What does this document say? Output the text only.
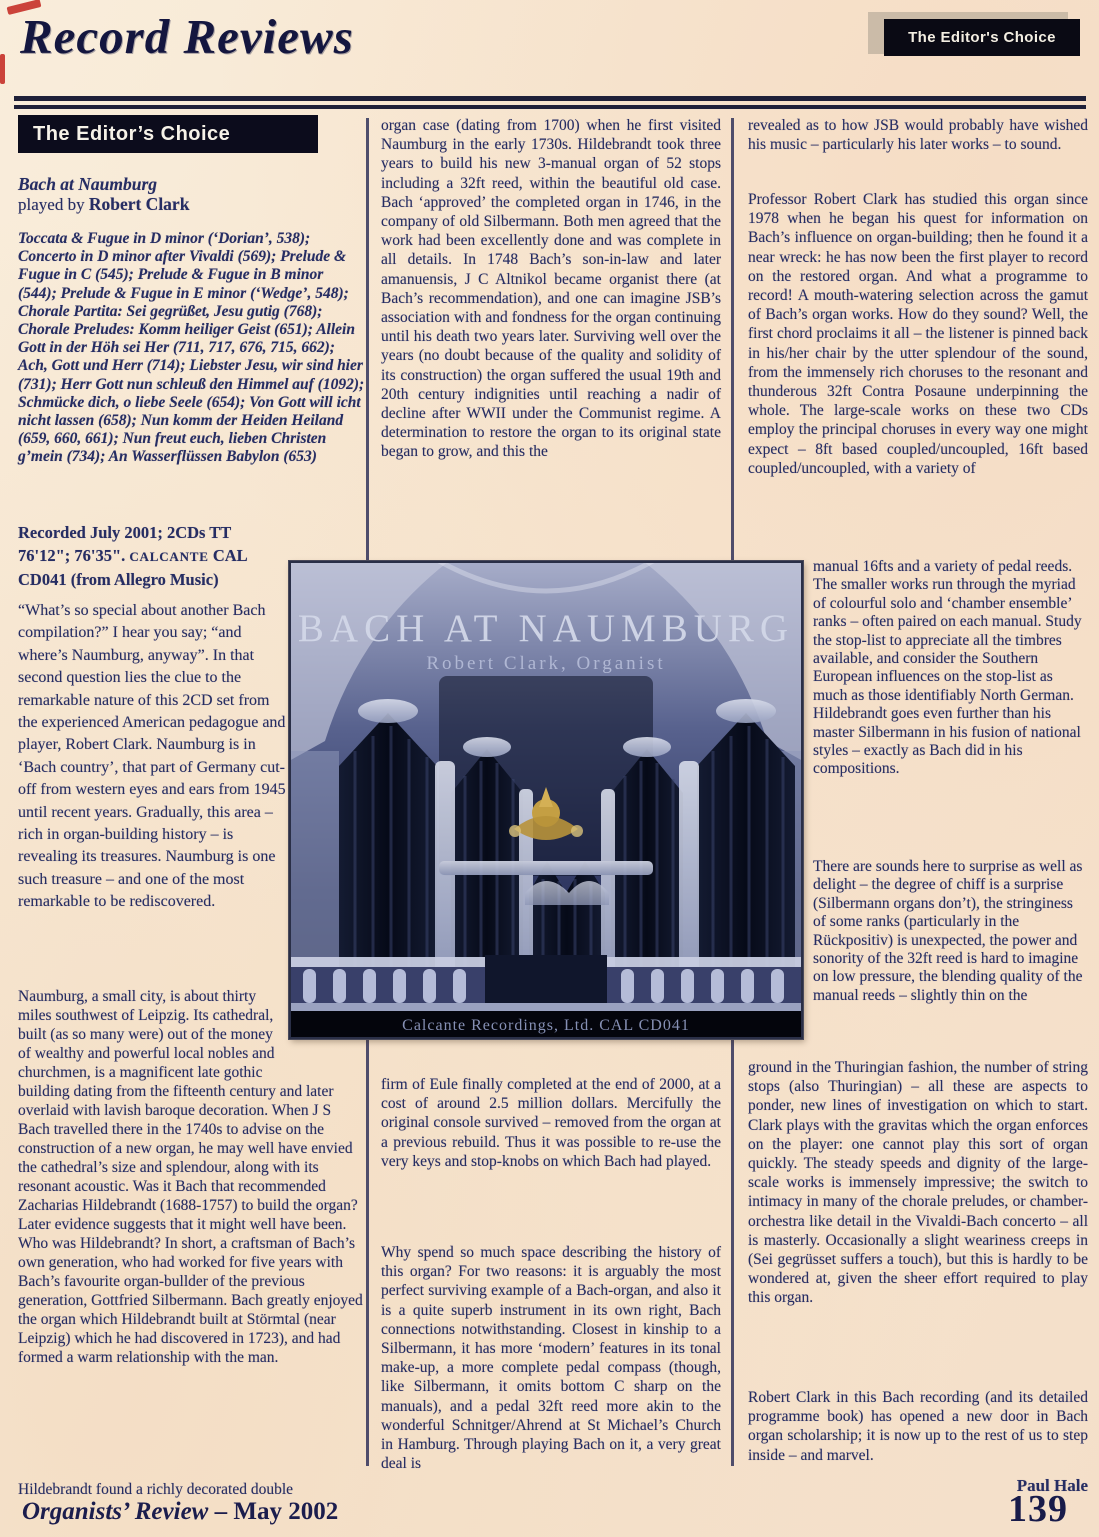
Record Reviews	The Editor's Choice
The Editor’s Choice
Bach at Naumburg
played by Robert Clark
Toccata & Fugue in D minor (‘Dorian’, 538); Concerto in D minor after Vivaldi (569); Prelude & Fugue in C (545); Prelude & Fugue in B minor (544); Prelude & Fugue in E minor (‘Wedge’, 548); Chorale Partita: Sei gegrüßet, Jesu gutig (768); Chorale Preludes: Komm heiliger Geist (651); Allein Gott in der Höh sei Her (711, 717, 676, 715, 662); Ach, Gott und Herr (714); Liebster Jesu, wir sind hier (731); Herr Gott nun schleuß den Himmel auf (1092); Schmücke dich, o liebe Seele (654); Von Gott will icht nicht lassen (658); Nun komm der Heiden Heiland (659, 660, 661); Nun freut euch, lieben Christen g’mein (734); An Wasserflüssen Babylon (653)
Recorded July 2001; 2CDs TT 76'12"; 76'35". CALCANTE CAL CD041 (from Allegro Music)
“What’s so special about another Bach compilation?” I hear you say; “and where’s Naumburg, anyway”. In that second question lies the clue to the remarkable nature of this 2CD set from the experienced American pedagogue and player, Robert Clark. Naumburg is in ‘Bach country’, that part of Germany cut-off from western eyes and ears from 1945 until recent years. Gradually, this area – rich in organ-building history – is revealing its treasures. Naumburg is one such treasure – and one of the most remarkable to be rediscovered.
Naumburg, a small city, is about thirty miles southwest of Leipzig. Its cathedral, built (as so many were) out of the money of wealthy and powerful local nobles and churchmen, is a magnificent late gothic building dating from the fifteenth century and later overlaid with lavish baroque decoration. When J S Bach travelled there in the 1740s to advise on the construction of a new organ, he may well have envied the cathedral’s size and splendour, along with its resonant acoustic. Was it Bach that recommended Zacharias Hildebrandt (1688-1757) to build the organ? Later evidence suggests that it might well have been. Who was Hildebrandt? In short, a craftsman of Bach’s own generation, who had worked for five years with Bach’s favourite organ-bullder of the previous generation, Gottfried Silbermann. Bach greatly enjoyed the organ which Hildebrandt built at Störmtal (near Leipzig) which he had discovered in 1723), and had formed a warm relationship with the man.
Hildebrandt found a richly decorated double
organ case (dating from 1700) when he first visited Naumburg in the early 1730s. Hildebrandt took three years to build his new 3-manual organ of 52 stops including a 32ft reed, within the beautiful old case. Bach ‘approved’ the completed organ in 1746, in the company of old Silbermann. Both men agreed that the work had been excellently done and was complete in all details. In 1748 Bach’s son-in-law and later amanuensis, J C Altnikol became organist there (at Bach’s recommendation), and one can imagine JSB’s association with and fondness for the organ continuing until his death two years later. Surviving well over the years (no doubt because of the quality and solidity of its construction) the organ suffered the usual 19th and 20th century indignities until reaching a nadir of decline after WWII under the Communist regime. A determination to restore the organ to its original state began to grow, and this the
firm of Eule finally completed at the end of 2000, at a cost of around 2.5 million dollars. Mercifully the original console survived – removed from the organ at a previous rebuild. Thus it was possible to re-use the very keys and stop-knobs on which Bach had played.
Why spend so much space describing the history of this organ? For two reasons: it is arguably the most perfect surviving example of a Bach-organ, and also it is a quite superb instrument in its own right, Bach connections notwithstanding. Closest in kinship to a Silbermann, it has more ‘modern’ features in its tonal make-up, a more complete pedal compass (though, like Silbermann, it omits bottom C sharp on the manuals), and a pedal 32ft reed more akin to the wonderful Schnitger/Ahrend at St Michael’s Church in Hamburg. Through playing Bach on it, a very great deal is
Calcante Recordings, Ltd. CAL CD041
BACH AT NAUMBURG
Robert Clark, Organist
revealed as to how JSB would probably have wished his music – particularly his later works – to sound.
Professor Robert Clark has studied this organ since 1978 when he began his quest for information on Bach’s influence on organ-building; then he found it a near wreck: he has now been the first player to record on the restored organ. And what a programme to record! A mouth-watering selection across the gamut of Bach’s organ works. How do they sound? Well, the first chord proclaims it all – the listener is pinned back in his/her chair by the utter splendour of the sound, from the immensely rich choruses to the resonant and thunderous 32ft Contra Posaune underpinning the whole. The large-scale works on these two CDs employ the principal choruses in every way one might expect – 8ft based coupled/uncoupled, 16ft based coupled/uncoupled, with a variety of
manual 16fts and a variety of pedal reeds. The smaller works run through the myriad of colourful solo and ‘chamber ensemble’ ranks – often paired on each manual. Study the stop-list to appreciate all the timbres available, and consider the Southern European influences on the stop-list as much as those identifiably North German. Hildebrandt goes even further than his master Silbermann in his fusion of national styles – exactly as Bach did in his compositions.
There are sounds here to surprise as well as delight – the degree of chiff is a surprise (Silbermann organs don’t), the stringiness of some ranks (particularly in the Rückpositiv) is unexpected, the power and sonority of the 32ft reed is hard to imagine on low pressure, the blending quality of the manual reeds – slightly thin on the
ground in the Thuringian fashion, the number of string stops (also Thuringian) – all these are aspects to ponder, new lines of investigation on which to start. Clark plays with the gravitas which the organ enforces on the player: one cannot play this sort of organ quickly. The steady speeds and dignity of the large-scale works is immensely impressive; the switch to intimacy in many of the chorale preludes, or chamber-orchestra like detail in the Vivaldi-Bach concerto – all is masterly. Occasionally a slight weariness creeps in (Sei gegrüsset suffers a touch), but this is hardly to be wondered at, given the sheer effort required to play this organ.
Robert Clark in this Bach recording (and its detailed programme book) has opened a new door in Bach organ scholarship; it is now up to the rest of us to step inside – and marvel.
Paul Hale
Organists’ Review – May 2002	139
